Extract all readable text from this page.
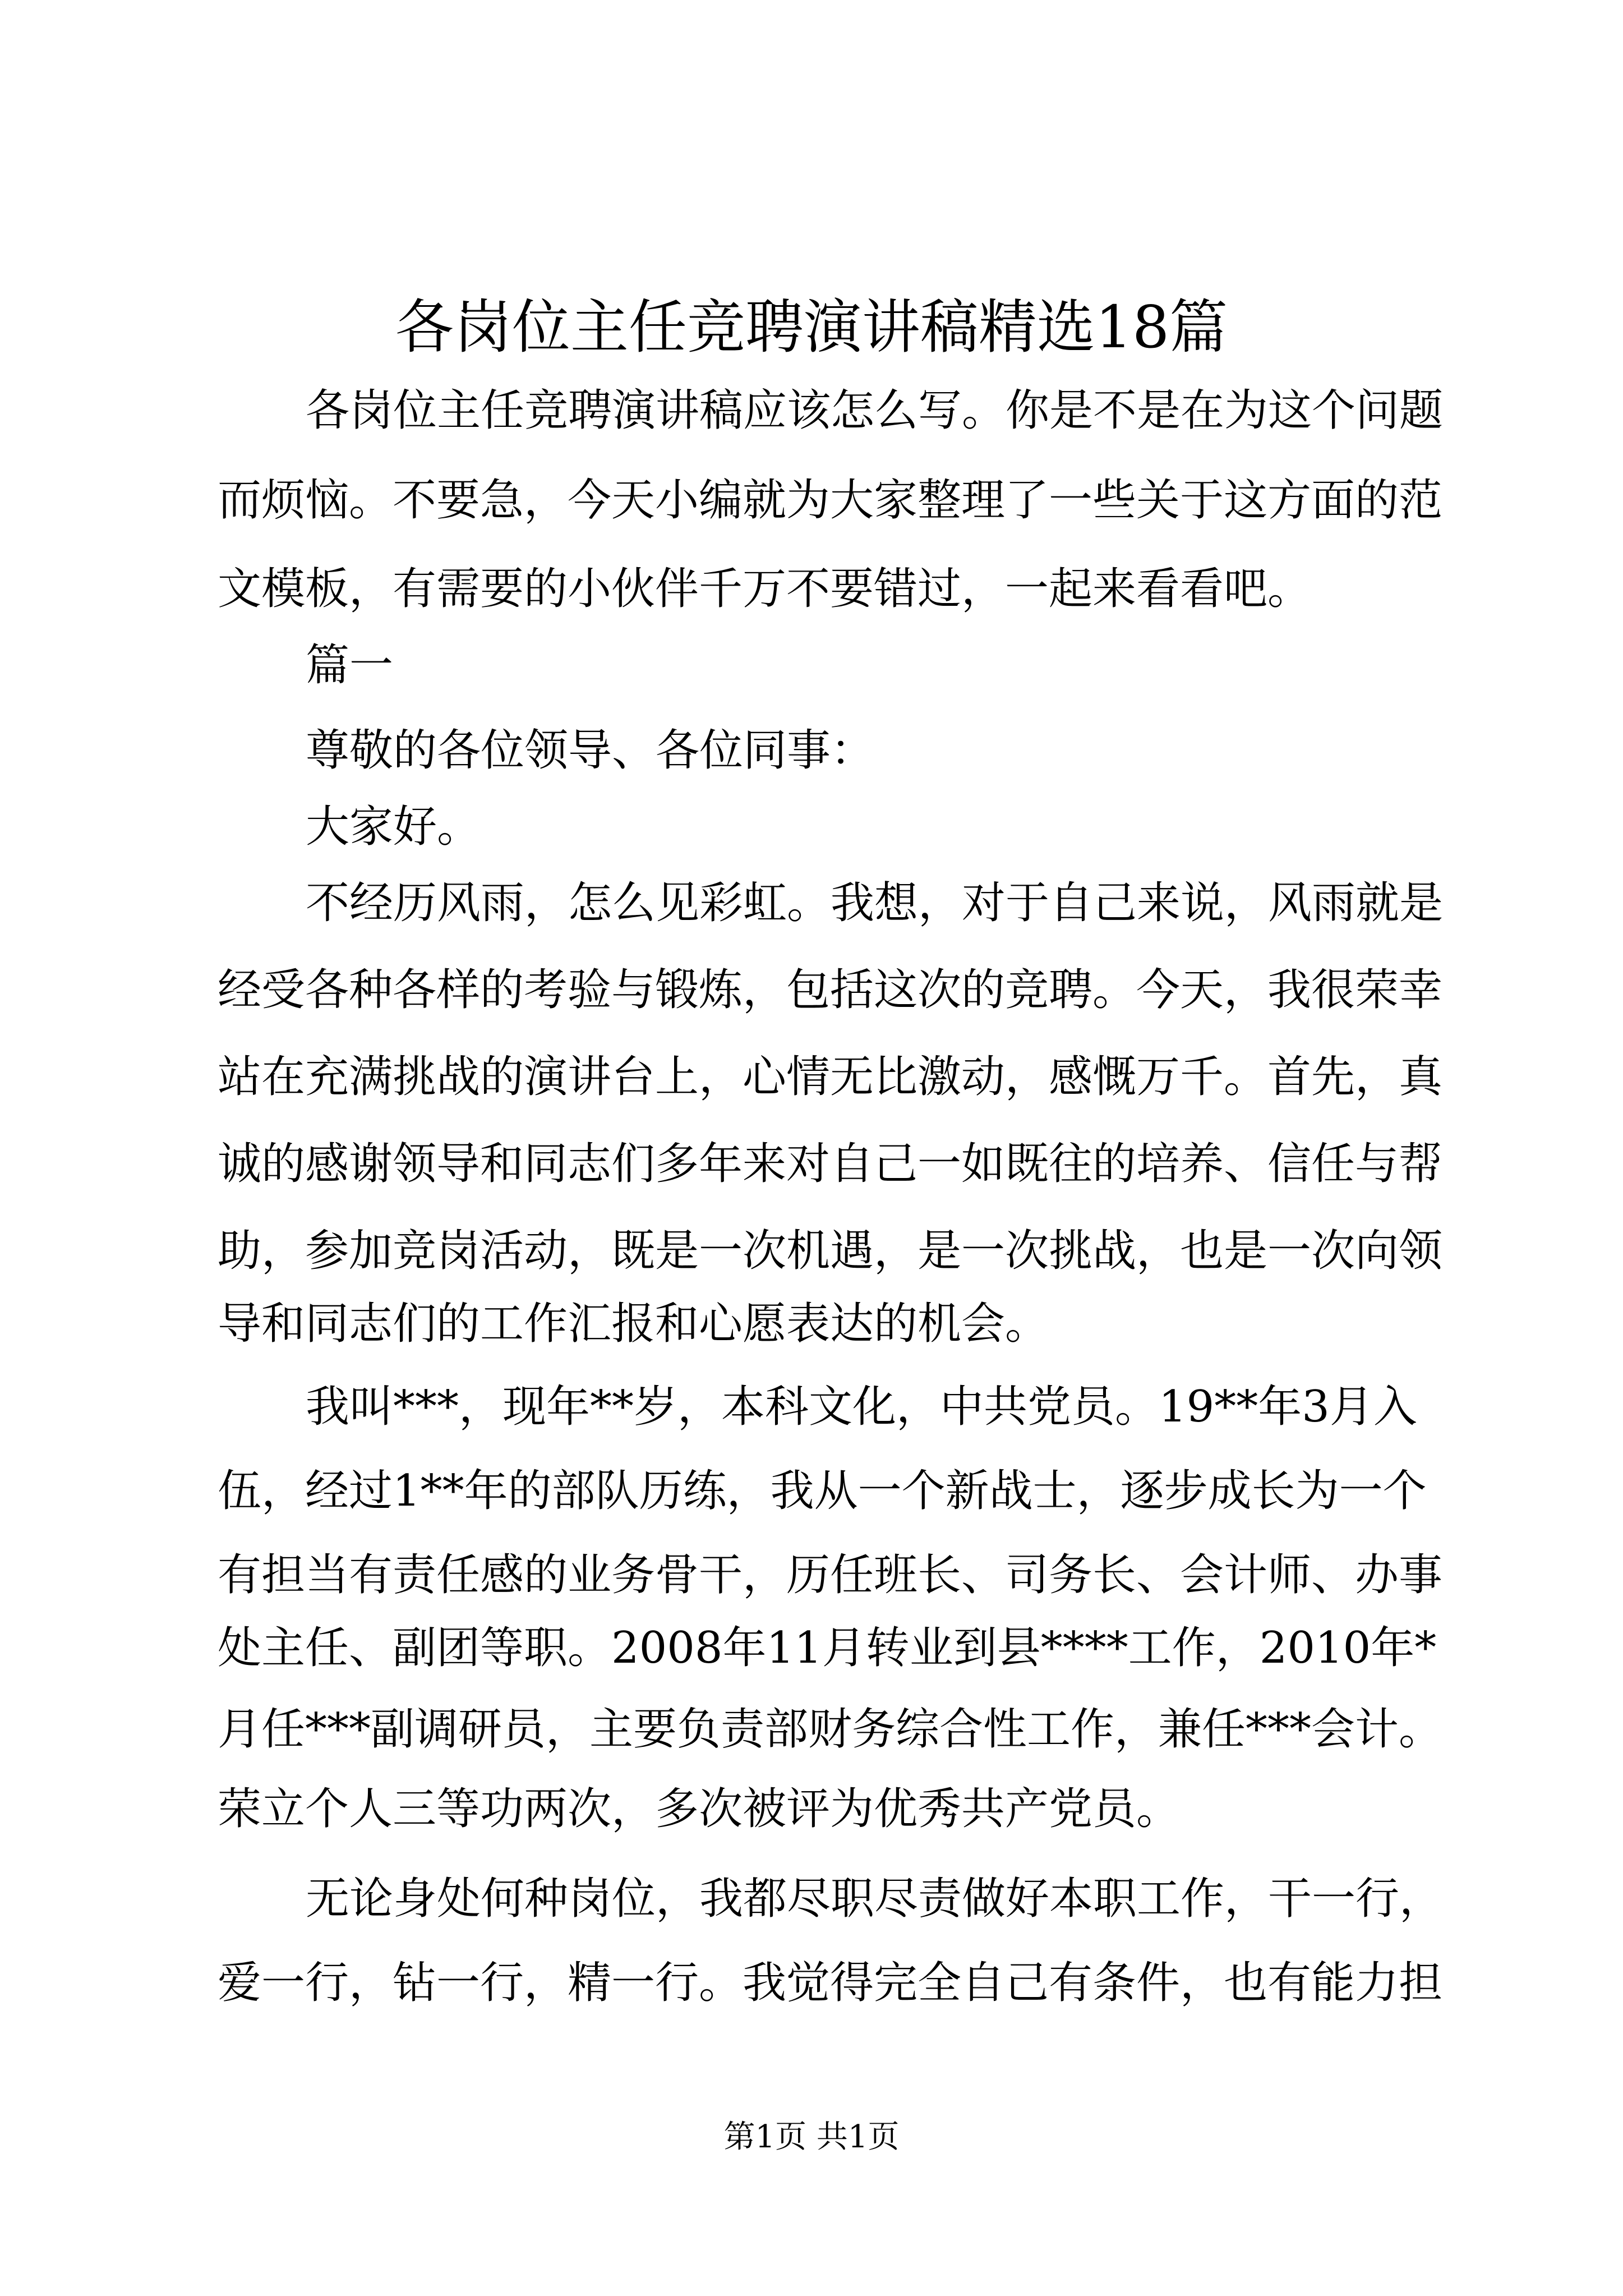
各岗位主任竞聘演讲稿精选18篇
各岗位主任竞聘演讲稿应该怎么写。你是不是在为这个问题
而烦恼。不要急，今天小编就为大家整理了一些关于这方面的范
文模板，有需要的小伙伴千万不要错过，一起来看看吧。
篇一
尊敬的各位领导、各位同事：
大家好。
不经历风雨，怎么见彩虹。我想，对于自己来说，风雨就是
经受各种各样的考验与锻炼，包括这次的竞聘。今天，我很荣幸
站在充满挑战的演讲台上，心情无比激动，感慨万千。首先，真
诚的感谢领导和同志们多年来对自己一如既往的培养、信任与帮
助，参加竞岗活动，既是一次机遇，是一次挑战，也是一次向领
导和同志们的工作汇报和心愿表达的机会。
我叫***，现年**岁，本科文化，中共党员。19**年3月入
伍，经过1**年的部队历练，我从一个新战士，逐步成长为一个
有担当有责任感的业务骨干，历任班长、司务长、会计师、办事
处主任、副团等职。2008年11月转业到县****工作，2010年*
月任***副调研员，主要负责部财务综合性工作，兼任***会计。
荣立个人三等功两次，多次被评为优秀共产党员。
无论身处何种岗位，我都尽职尽责做好本职工作，干一行，
爱一行，钻一行，精一行。我觉得完全自己有条件，也有能力担
第1页 共1页
